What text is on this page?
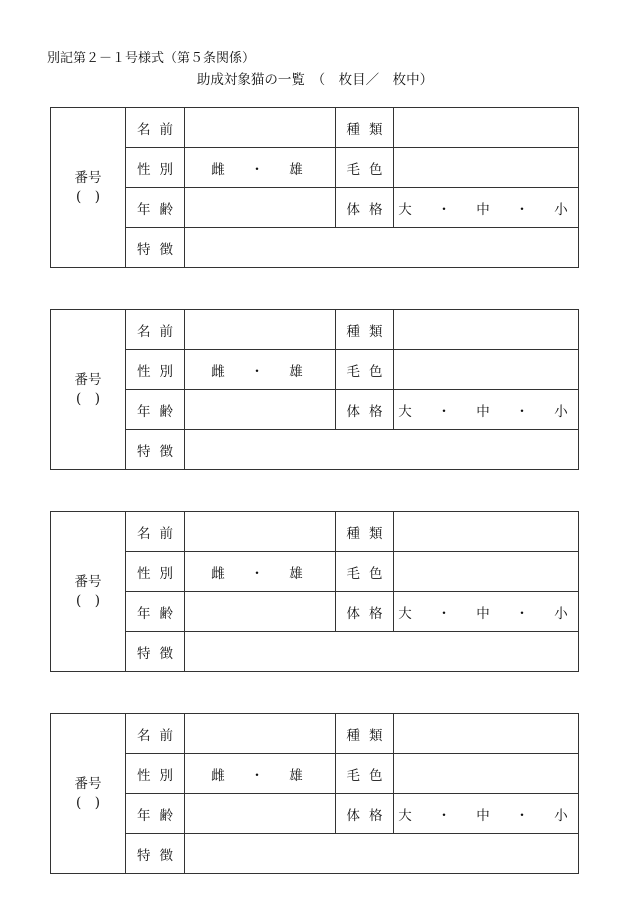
別記第２－１号様式（第５条関係）
助成対象猫の一覧　（　枚目／　枚中）
番号
(　)	名前		種類	
	性別	雌　・　雄	毛色	
	年齢		体格	大　・　中　・　小
	特徴			
番号
(　)	名前		種類	
	性別	雌　・　雄	毛色	
	年齢		体格	大　・　中　・　小
	特徴			
番号
(　)	名前		種類	
	性別	雌　・　雄	毛色	
	年齢		体格	大　・　中　・　小
	特徴			
番号
(　)	名前		種類	
	性別	雌　・　雄	毛色	
	年齢		体格	大　・　中　・　小
	特徴			
